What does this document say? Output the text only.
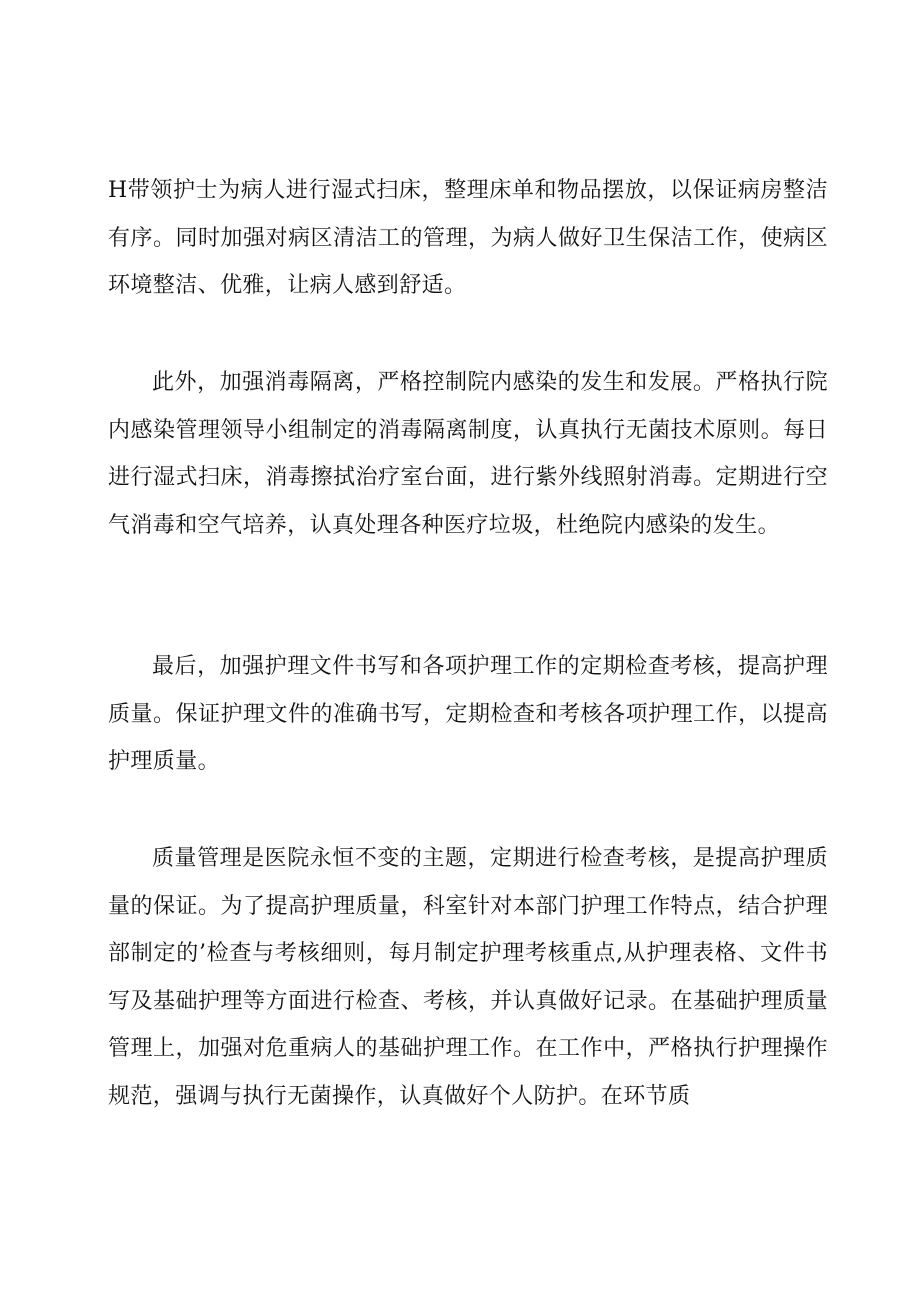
H带领护士为病人进行湿式扫床，整理床单和物品摆放，以保证病房整洁有序。同时加强对病区清洁工的管理，为病人做好卫生保洁工作，使病区环境整洁、优雅，让病人感到舒适。

此外，加强消毒隔离，严格控制院内感染的发生和发展。严格执行院内感染管理领导小组制定的消毒隔离制度，认真执行无菌技术原则。每日进行湿式扫床，消毒擦拭治疗室台面，进行紫外线照射消毒。定期进行空气消毒和空气培养，认真处理各种医疗垃圾，杜绝院内感染的发生。

最后，加强护理文件书写和各项护理工作的定期检查考核，提高护理质量。保证护理文件的准确书写，定期检查和考核各项护理工作，以提高护理质量。

质量管理是医院永恒不变的主题，定期进行检查考核，是提高护理质量的保证。为了提高护理质量，科室针对本部门护理工作特点，结合护理部制定的’检查与考核细则，每月制定护理考核重点,从护理表格、文件书写及基础护理等方面进行检查、考核，并认真做好记录。在基础护理质量管理上，加强对危重病人的基础护理工作。在工作中，严格执行护理操作规范，强调与执行无菌操作，认真做好个人防护。在环节质
